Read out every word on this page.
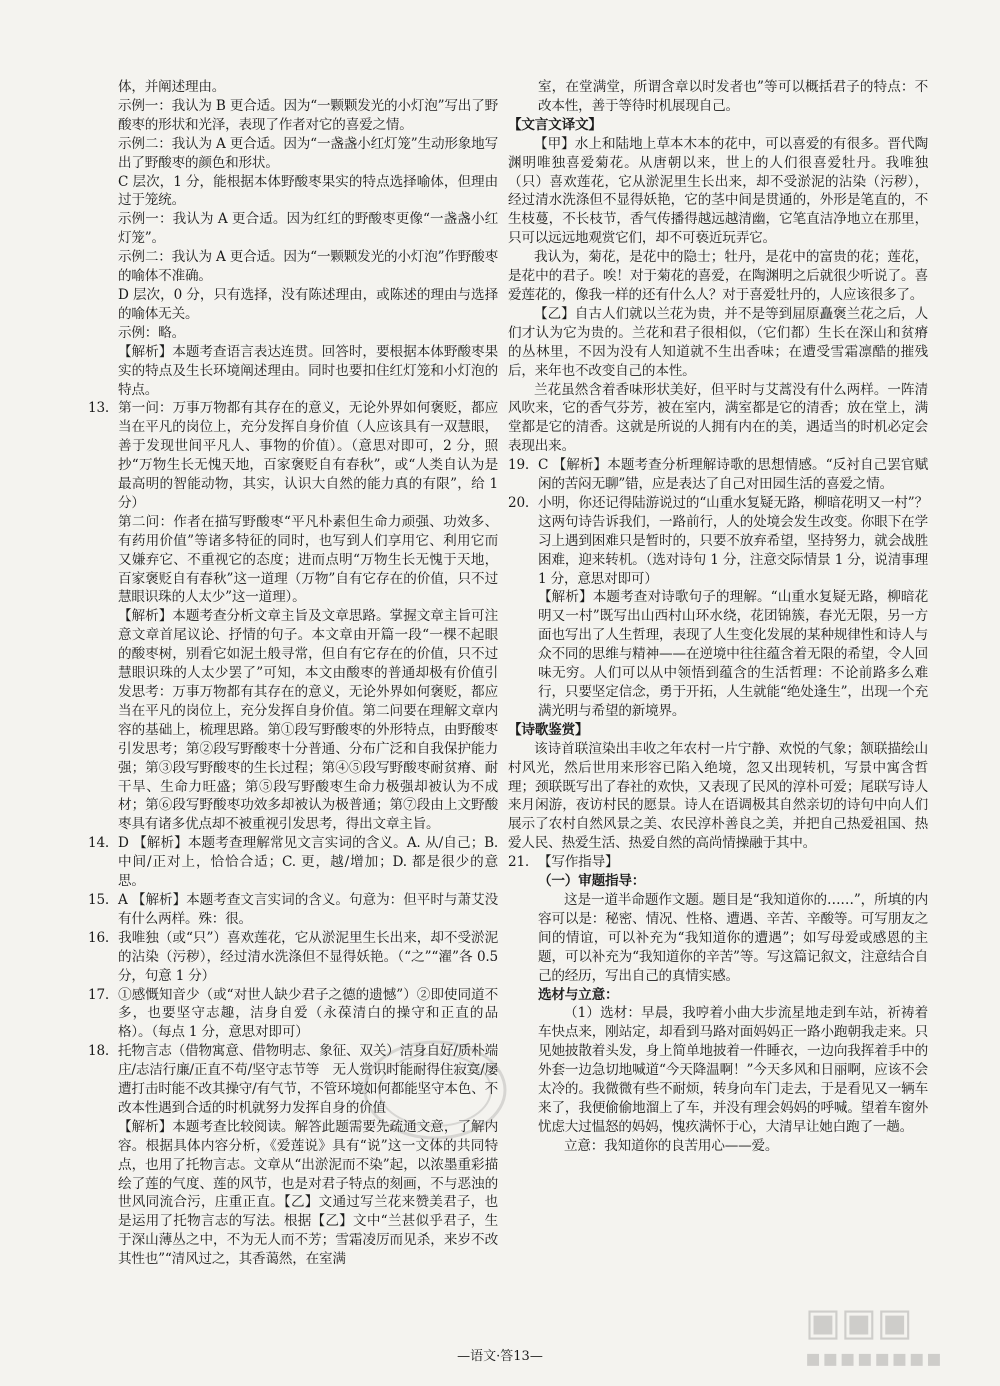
体，并阐述理由。

示例一：我认为 B 更合适。因为“一颗颗发光的小灯泡”写出了野酸枣的形状和光泽，表现了作者对它的喜爱之情。

示例二：我认为 A 更合适。因为“一盏盏小红灯笼”生动形象地写出了野酸枣的颜色和形状。

C 层次，1 分，能根据本体野酸枣果实的特点选择喻体，但理由过于笼统。

示例一：我认为 A 更合适。因为红红的野酸枣更像“一盏盏小红灯笼”。

示例二：我认为 A 更合适。因为“一颗颗发光的小灯泡”作野酸枣的喻体不准确。

D 层次，0 分，只有选择，没有陈述理由，或陈述的理由与选择的喻体无关。

示例：略。

【解析】本题考查语言表达连贯。回答时，要根据本体野酸枣果实的特点及生长环境阐述理由。同时也要扣住红灯笼和小灯泡的特点。

13. 第一问：万事万物都有其存在的意义，无论外界如何褒贬，都应当在平凡的岗位上，充分发挥自身价值（人应该具有一双慧眼，善于发现世间平凡人、事物的价值）。（意思对即可，2 分，照抄“万物生长无愧天地，百家褒贬自有春秋”，或“人类自认为是最高明的智能动物，其实，认识大自然的能力真的有限”，给 1 分）

第二问：作者在描写野酸枣“平凡朴素但生命力顽强、功效多、有药用价值”等诸多特征的同时，也写到人们享用它、利用它而又嫌弃它、不重视它的态度；进而点明“万物生长无愧于天地，百家褒贬自有春秋”这一道理（万物”自有它存在的价值，只不过慧眼识珠的人太少”这一道理）。

【解析】本题考查分析文章主旨及文章思路。掌握文章主旨可注意文章首尾议论、抒情的句子。本文章由开篇一段“一棵不起眼的酸枣树，别看它如泥土般寻常，但自有它存在的价值，只不过慧眼识珠的人太少罢了”可知，本文由酸枣的普通却极有价值引发思考：万事万物都有其存在的意义，无论外界如何褒贬，都应当在平凡的岗位上，充分发挥自身价值。第二问要在理解文章内容的基础上，梳理思路。第①段写野酸枣的外形特点，由野酸枣引发思考；第②段写野酸枣十分普通、分布广泛和自我保护能力强；第③段写野酸枣的生长过程；第④⑤段写野酸枣耐贫瘠、耐干旱、生命力旺盛；第⑤段写野酸枣生命力极强却被认为不成材；第⑥段写野酸枣功效多却被认为极普通；第⑦段由上文野酸枣具有诸多优点却不被重视引发思考，得出文章主旨。

14. D 【解析】本题考查理解常见文言实词的含义。A. 从/自己；B. 中间/正对上，恰恰合适；C. 更，越/增加；D. 都是很少的意思。

15. A 【解析】本题考查文言实词的含义。句意为：但平时与萧艾没有什么两样。殊：很。

16. 我唯独（或“只”）喜欢莲花，它从淤泥里生长出来，却不受淤泥的沾染（污秽），经过清水洗涤但不显得妖艳。（“之”“濯”各 0.5 分，句意 1 分）

17. ①感慨知音少（或“对世人缺少君子之德的遗憾”）②即使同道不多，也要坚守志趣，洁身自爱（永葆清白的操守和正直的品格）。（每点 1 分，意思对即可）

18. 托物言志（借物寓意、借物明志、象征、双关）洁身自好/质朴端庄/志洁行廉/正直不苟/坚守志节等　无人赏识时能耐得住寂寞/屡遭打击时能不改其操守/有气节，不管环境如何都能坚守本色、不改本性遇到合适的时机就努力发挥自身的价值

【解析】本题考查比较阅读。解答此题需要先疏通文意，了解内容。根据具体内容分析，《爱莲说》具有“说”这一文体的共同特点，也用了托物言志。文章从“出淤泥而不染”起，以浓墨重彩描绘了莲的气度、莲的风节，也是对君子特点的刻画，不与恶浊的世风同流合污，庄重正直。【乙】文通过写兰花来赞美君子，也是运用了托物言志的写法。根据【乙】文中“兰甚似乎君子，生于深山薄丛之中，不为无人而不芳；雪霜凌厉而见杀，来岁不改其性也”“清风过之，其香蔼然，在室满

室，在堂满堂，所谓含章以时发者也”等可以概括君子的特点：不改本性，善于等待时机展现自己。

【文言文译文】

【甲】水上和陆地上草本木本的花中，可以喜爱的有很多。晋代陶渊明唯独喜爱菊花。从唐朝以来，世上的人们很喜爱牡丹。我唯独（只）喜欢莲花，它从淤泥里生长出来，却不受淤泥的沾染（污秽），经过清水洗涤但不显得妖艳，它的茎中间是贯通的，外形是笔直的，不生枝蔓，不长枝节，香气传播得越远越清幽，它笔直洁净地立在那里，只可以远远地观赏它们，却不可亵近玩弄它。

我认为，菊花，是花中的隐士；牡丹，是花中的富贵的花；莲花，是花中的君子。唉！对于菊花的喜爱，在陶渊明之后就很少听说了。喜爱莲花的，像我一样的还有什么人？对于喜爱牡丹的，人应该很多了。

【乙】自古人们就以兰花为贵，并不是等到屈原矗褒兰花之后，人们才认为它为贵的。兰花和君子很相似，（它们都）生长在深山和贫瘠的丛林里，不因为没有人知道就不生出香味；在遭受雪霜凛酷的摧残后，来年也不改变自己的本性。

兰花虽然含着香味形状美好，但平时与艾蒿没有什么两样。一阵清风吹来，它的香气芬芳，被在室内，满室都是它的清香；放在堂上，满堂都是它的清香。这就是所说的人拥有内在的美，遇适当的时机必定会表现出来。

19. C 【解析】本题考查分析理解诗歌的思想情感。“反衬自己罢官赋闲的苦闷无聊”错，应是表达了自己对田园生活的喜爱之情。

20. 小明，你还记得陆游说过的“山重水复疑无路，柳暗花明又一村”？这两句诗告诉我们，一路前行，人的处境会发生改变。你眼下在学习上遇到困难只是暂时的，只要不放弃希望，坚持努力，就会战胜困难，迎来转机。（选对诗句 1 分，注意交际情景 1 分，说清事理 1 分，意思对即可）

【解析】本题考查对诗歌句子的理解。“山重水复疑无路，柳暗花明又一村”既写出山西村山环水绕，花团锦簇，春光无限，另一方面也写出了人生哲理，表现了人生变化发展的某种规律性和诗人与众不同的思维与精神——在逆境中往往蕴含着无限的希望，令人回味无穷。人们可以从中领悟到蕴含的生活哲理：不论前路多么难行，只要坚定信念，勇于开拓，人生就能“绝处逢生”，出现一个充满光明与希望的新境界。

【诗歌鉴赏】

该诗首联渲染出丰收之年农村一片宁静、欢悦的气象；颔联描绘山村风光，然后世用来形容已陷入绝境，忽又出现转机，写景中寓含哲理；颈联既写出了春社的欢快，又表现了民风的淳朴可爱；尾联写诗人来月闲游，夜访村民的愿景。诗人在语调极其自然亲切的诗句中向人们展示了农村自然风景之美、农民淳朴善良之美，并把自己热爱祖国、热爱人民、热爱生活、热爱自然的高尚情操融于其中。

21. 【写作指导】

（一）审题指导：

这是一道半命题作文题。题目是“我知道你的……”，所填的内容可以是：秘密、情况、性格、遭遇、辛苦、辛酸等。可写朋友之间的情谊，可以补充为“我知道你的遭遇”；如写母爱或感恩的主题，可以补充为“我知道你的辛苦”等。写这篇记叙文，注意结合自己的经历，写出自己的真情实感。

选材与立意：

（1）选材：早晨，我哼着小曲大步流星地走到车站，祈祷着车快点来，刚站定，却看到马路对面妈妈正一路小跑朝我走来。只见她披散着头发，身上简单地披着一件睡衣，一边向我挥着手中的外套一边急切地喊道“今天降温啊！”今天多风和日丽啊，应该不会太冷的。我微微有些不耐烦，转身向车门走去，于是看见又一辆车来了，我便偷偷地溜上了车，并没有理会妈妈的呼喊。望着车窗外忧虑大过愠怒的妈妈，愧疚满怀于心，大清早让她白跑了一趟。

立意：我知道你的良苦用心——爱。

—语文·答13—
▣▣▣
▪▪▪▪▪▪▪▪
